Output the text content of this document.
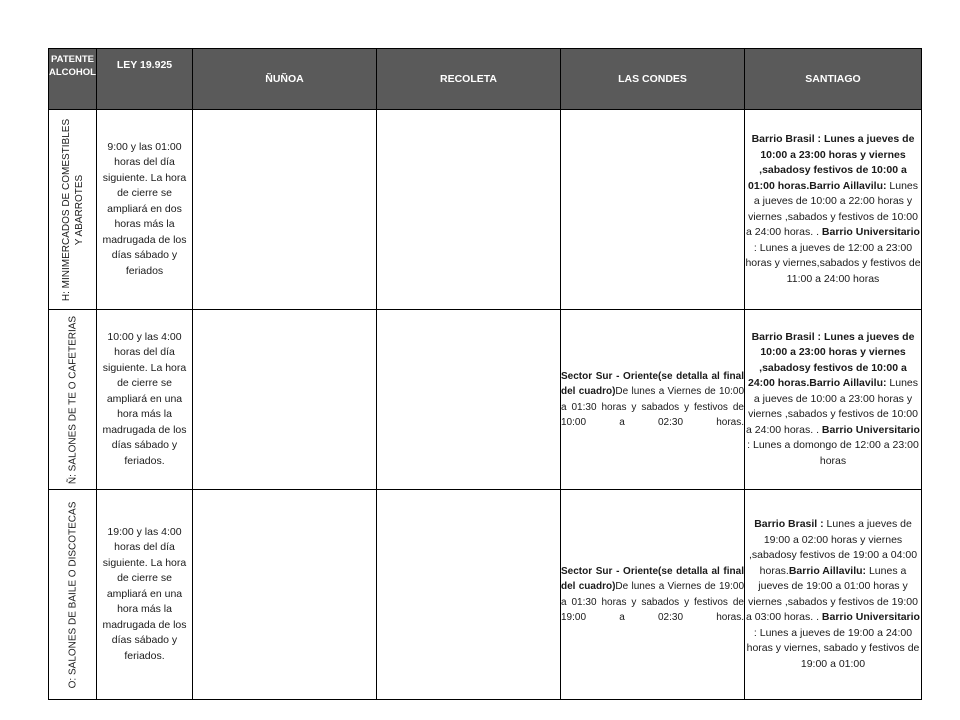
PATENTE ALCOHOL	LEY 19.925	ÑUÑOA	RECOLETA	LAS CONDES	SANTIAGO

H: MINIMERCADOS DE COMESTIBLES Y ABARROTES	9:00 y las 01:00 horas del día siguiente. La hora de cierre se ampliará en dos horas más la madrugada de los días sábado y feriados				Barrio Brasil : Lunes a jueves de 10:00 a 23:00 horas y viernes ,sabadosy festivos de 10:00 a 01:00 horas.Barrio Aillavilu: Lunes a jueves de 10:00 a 22:00 horas y viernes ,sabados y festivos de 10:00 a 24:00 horas. . Barrio Universitario : Lunes a jueves de 12:00 a 23:00 horas y viernes,sabados y festivos de 11:00 a 24:00 horas

Ñ: SALONES DE TE O CAFETERIAS	10:00 y las 4:00 horas del día siguiente. La hora de cierre se ampliará en una hora más la madrugada de los días sábado y feriados.			Sector Sur - Oriente(se detalla al final del cuadro)De lunes a Viernes de 10:00 a 01:30 horas y sabados y festivos de 10:00 a 02:30 horas.	Barrio Brasil : Lunes a jueves de 10:00 a 23:00 horas y viernes ,sabadosy festivos de 10:00 a 24:00 horas.Barrio Aillavilu: Lunes a jueves de 10:00 a 23:00 horas y viernes ,sabados y festivos de 10:00 a 24:00 horas. . Barrio Universitario : Lunes a domongo de 12:00 a 23:00 horas

O: SALONES DE BAILE O DISCOTECAS	19:00 y las 4:00 horas del día siguiente. La hora de cierre se ampliará en una hora más la madrugada de los días sábado y feriados.			Sector Sur - Oriente(se detalla al final del cuadro)De lunes a Viernes de 19:00 a 01:30 horas y sabados y festivos de 19:00 a 02:30 horas.	Barrio Brasil : Lunes a jueves de 19:00 a 02:00 horas y viernes ,sabadosy festivos de 19:00 a 04:00 horas.Barrio Aillavilu: Lunes a jueves de 19:00 a 01:00 horas y viernes ,sabados y festivos de 19:00 a 03:00 horas. . Barrio Universitario : Lunes a jueves de 19:00 a 24:00 horas y viernes, sabado y festivos de 19:00 a 01:00
